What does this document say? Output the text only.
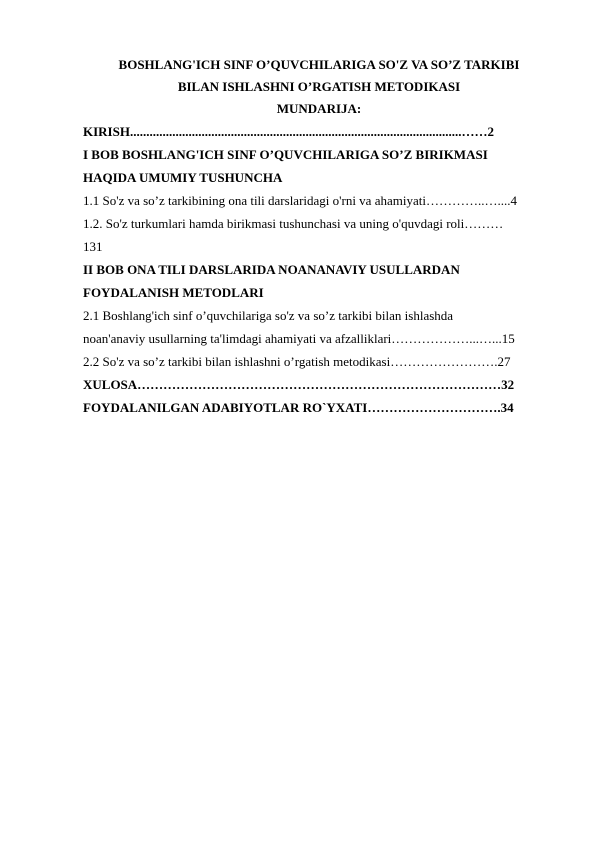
BOSHLANG'ICH SINF O’QUVCHILARIGA SO'Z VA SO’Z TARKIBI

BILAN ISHLASHNI O’RGATISH METODIKASI

MUNDARIJA:

KIRISH......................................................................................................……2

I BOB BOSHLANG'ICH SINF O’QUVCHILARIGA SO’Z BIRIKMASI

HAQIDA UMUMIY TUSHUNCHA

1.1 So'z va so’z tarkibining ona tili darslaridagi o'rni va ahamiyati…………..…....4

1.2. So'z turkumlari hamda birikmasi tushunchasi va uning o'quvdagi roli………

131

II BOB ONA TILI DARSLARIDA NOANANAVIY USULLARDAN

FOYDALANISH METODLARI

2.1 Boshlang'ich sinf o’quvchilariga so'z va so’z tarkibi bilan ishlashda

noan'anaviy usullarning ta'limdagi ahamiyati va afzalliklari………………...…...15

2.2 So'z va so’z tarkibi bilan ishlashni o’rgatish metodikasi…………………….27

XULOSA…………………………………………………………………………32

FOYDALANILGAN ADABIYOTLAR RO`YXATI………………………….34
